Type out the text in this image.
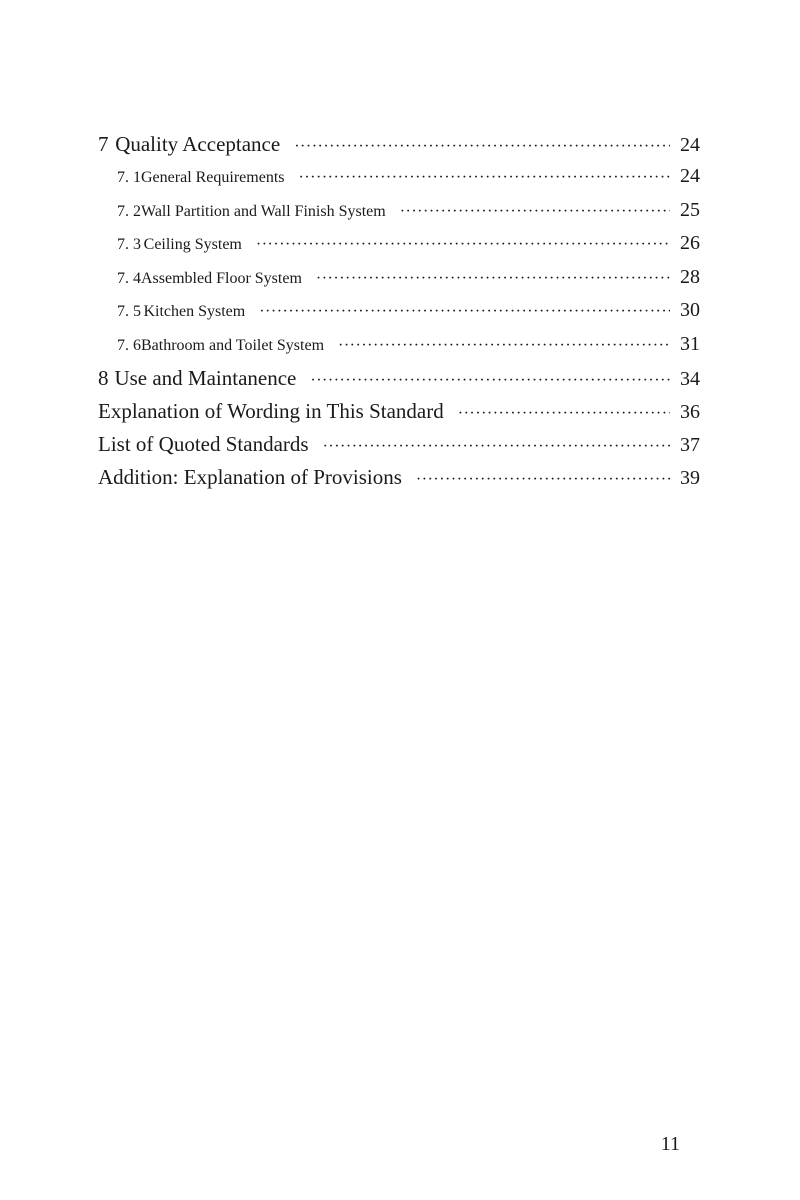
7 Quality Acceptance ·····	24
7. 1 General Requirements ·····	24
7. 2 Wall Partition and Wall Finish System ·····	25
7. 3 Ceiling System ·····	26
7. 4 Assembled Floor System ·····	28
7. 5 Kitchen System ·····	30
7. 6 Bathroom and Toilet System ·····	31
8 Use and Maintanence ·····	34
Explanation of Wording in This Standard ·····	36
List of Quoted Standards ·····	37
Addition: Explanation of Provisions ·····	39
11
